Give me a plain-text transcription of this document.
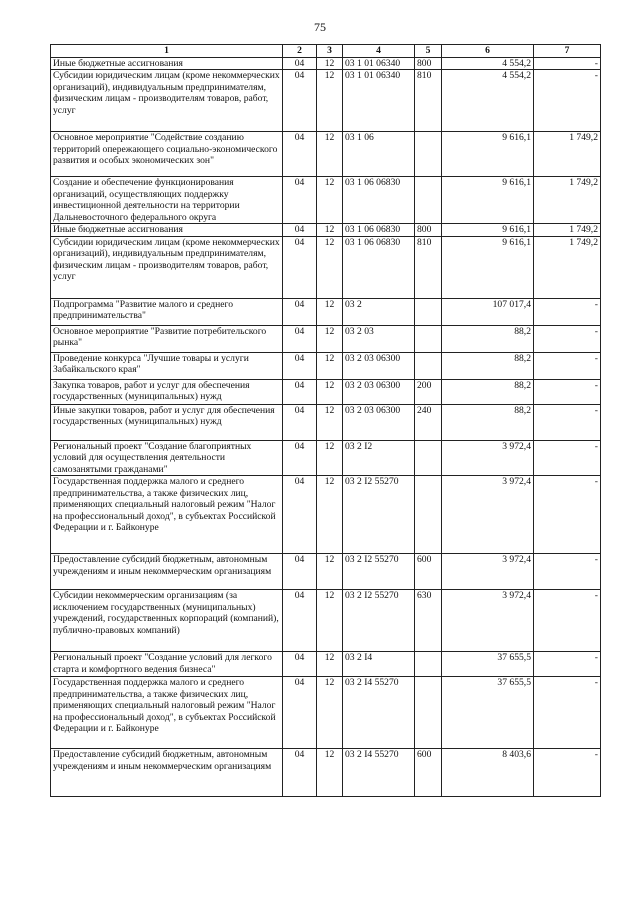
75
1	2	3	4	5	6	7
Иные бюджетные ассигнования	04	12	03 1 01 06340	800	4 554,2	-
Субсидии юридическим лицам (кроме некоммерческих организаций), индивидуальным предпринимателям, физическим лицам - производителям товаров, работ, услуг	04	12	03 1 01 06340	810	4 554,2	-
Основное мероприятие "Содействие созданию территорий опережающего социально-экономического развития и особых экономических зон"	04	12	03 1 06		9 616,1	1 749,2
Создание и обеспечение функционирования организаций, осуществляющих поддержку инвестиционной деятельности на территории Дальневосточного федерального округа	04	12	03 1 06 06830		9 616,1	1 749,2
Иные бюджетные ассигнования	04	12	03 1 06 06830	800	9 616,1	1 749,2
Субсидии юридическим лицам (кроме некоммерческих организаций), индивидуальным предпринимателям, физическим лицам - производителям товаров, работ, услуг	04	12	03 1 06 06830	810	9 616,1	1 749,2
Подпрограмма "Развитие малого и среднего предпринимательства"	04	12	03 2		107 017,4	-
Основное мероприятие "Развитие потребительского рынка"	04	12	03 2 03		88,2	-
Проведение конкурса "Лучшие товары и услуги Забайкальского края"	04	12	03 2 03 06300		88,2	-
Закупка товаров, работ и услуг для обеспечения государственных (муниципальных) нужд	04	12	03 2 03 06300	200	88,2	-
Иные закупки товаров, работ и услуг для обеспечения государственных (муниципальных) нужд	04	12	03 2 03 06300	240	88,2	-
Региональный проект "Создание благоприятных условий для осуществления деятельности самозанятыми гражданами"	04	12	03 2 I2		3 972,4	-
Государственная поддержка малого и среднего предпринимательства, а также физических лиц, применяющих специальный налоговый режим "Налог на профессиональный доход", в субъектах Российской Федерации и г. Байконуре	04	12	03 2 I2 55270		3 972,4	-
Предоставление субсидий бюджетным, автономным учреждениям и иным некоммерческим организациям	04	12	03 2 I2 55270	600	3 972,4	-
Субсидии некоммерческим организациям (за исключением государственных (муниципальных) учреждений, государственных корпораций (компаний), публично-правовых компаний)	04	12	03 2 I2 55270	630	3 972,4	-
Региональный проект "Создание условий для легкого старта и комфортного ведения бизнеса"	04	12	03 2 I4		37 655,5	-
Государственная поддержка малого и среднего предпринимательства, а также физических лиц, применяющих специальный налоговый режим "Налог на профессиональный доход", в субъектах Российской Федерации и г. Байконуре	04	12	03 2 I4 55270		37 655,5	-
Предоставление субсидий бюджетным, автономным учреждениям и иным некоммерческим организациям	04	12	03 2 I4 55270	600	8 403,6	-
